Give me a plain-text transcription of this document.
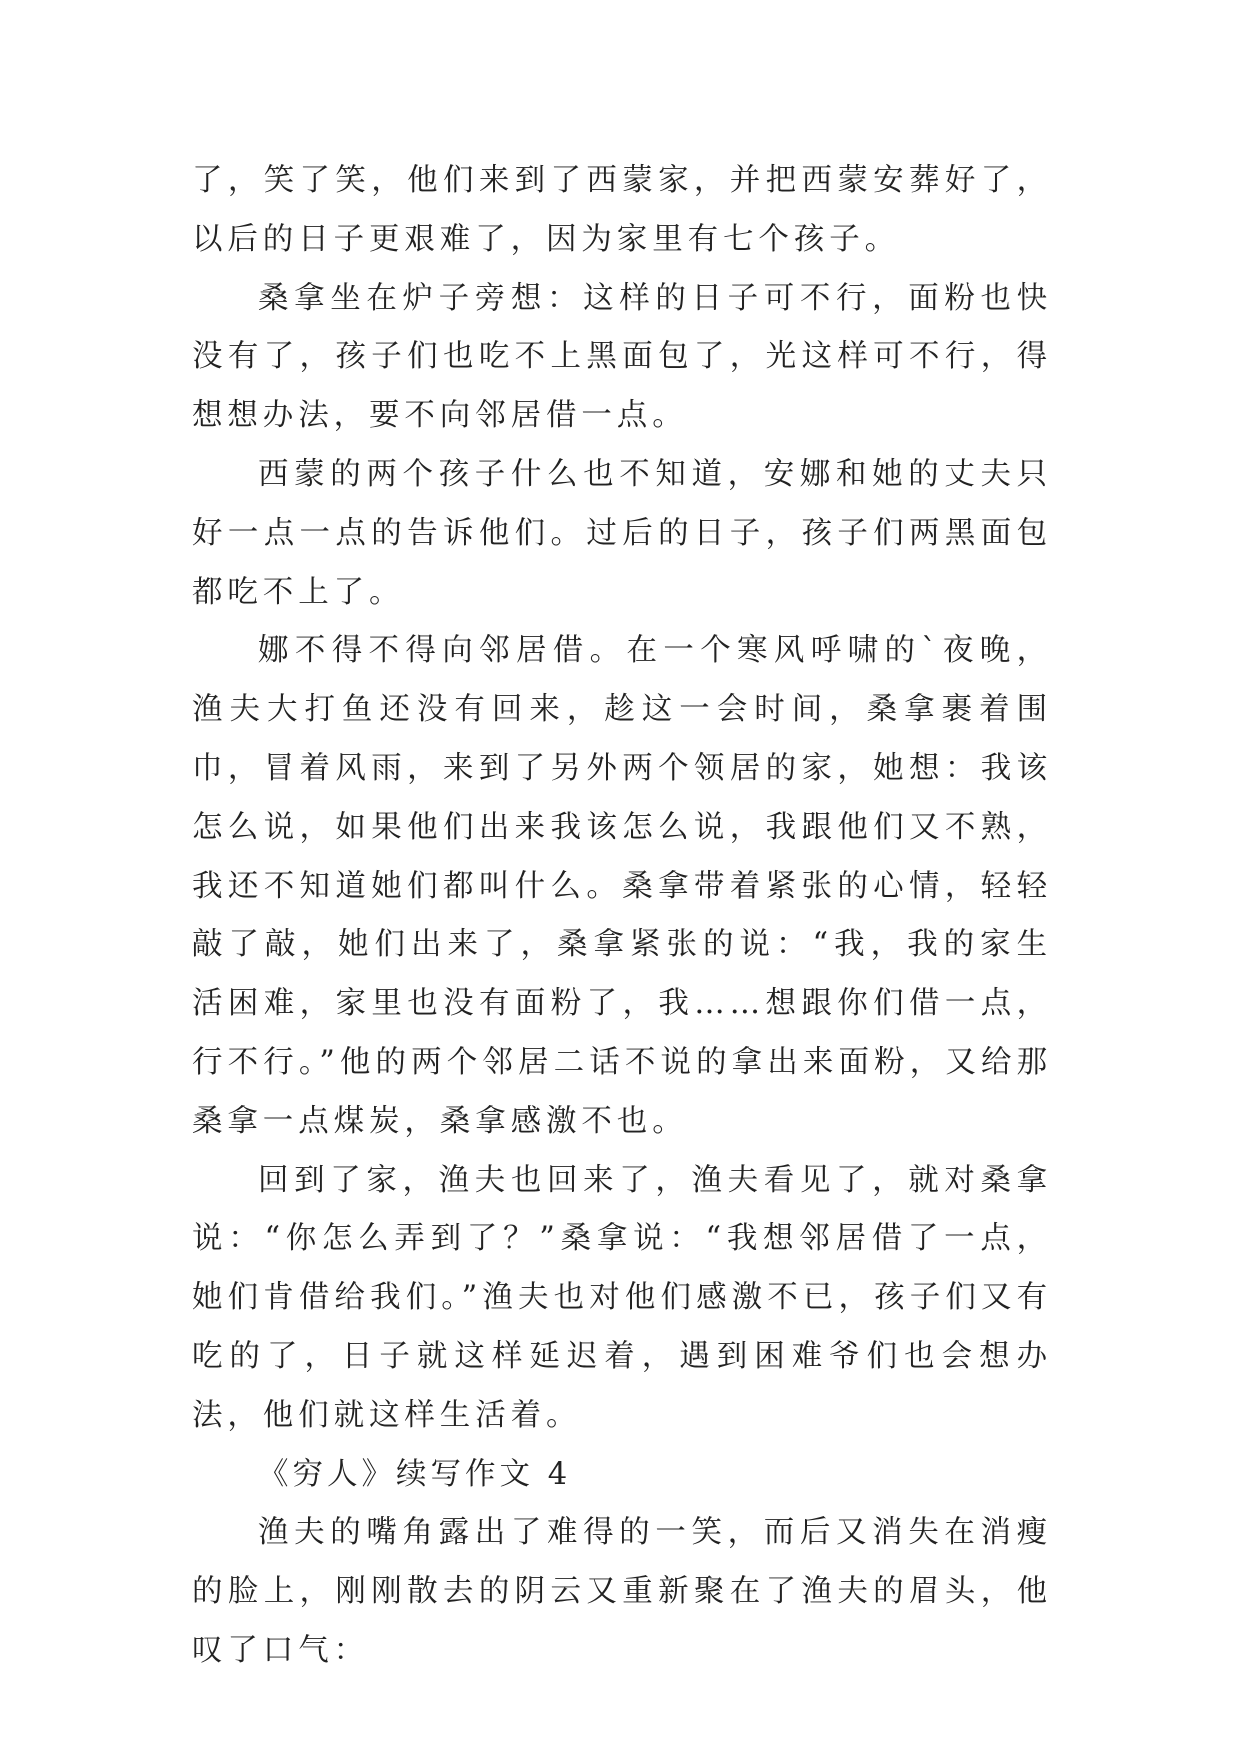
了，笑了笑，他们来到了西蒙家，并把西蒙安葬好了，以后的日子更艰难了，因为家里有七个孩子。

桑拿坐在炉子旁想：这样的日子可不行，面粉也快没有了，孩子们也吃不上黑面包了，光这样可不行，得想想办法，要不向邻居借一点。

西蒙的两个孩子什么也不知道，安娜和她的丈夫只好一点一点的告诉他们。过后的日子，孩子们两黑面包都吃不上了。

娜不得不得向邻居借。在一个寒风呼啸的`夜晚，渔夫大打鱼还没有回来，趁这一会时间，桑拿裹着围巾，冒着风雨，来到了另外两个领居的家，她想：我该怎么说，如果他们出来我该怎么说，我跟他们又不熟，我还不知道她们都叫什么。桑拿带着紧张的心情，轻轻敲了敲，她们出来了，桑拿紧张的说：“我，我的家生活困难，家里也没有面粉了，我……想跟你们借一点，行不行。”他的两个邻居二话不说的拿出来面粉，又给那桑拿一点煤炭，桑拿感激不也。

回到了家，渔夫也回来了，渔夫看见了，就对桑拿说：“你怎么弄到了？”桑拿说：“我想邻居借了一点，她们肯借给我们。”渔夫也对他们感激不已，孩子们又有吃的了，日子就这样延迟着，遇到困难爷们也会想办法，他们就这样生活着。

《穷人》续写作文 4

渔夫的嘴角露出了难得的一笑，而后又消失在消瘦的脸上，刚刚散去的阴云又重新聚在了渔夫的眉头，他叹了口气：
